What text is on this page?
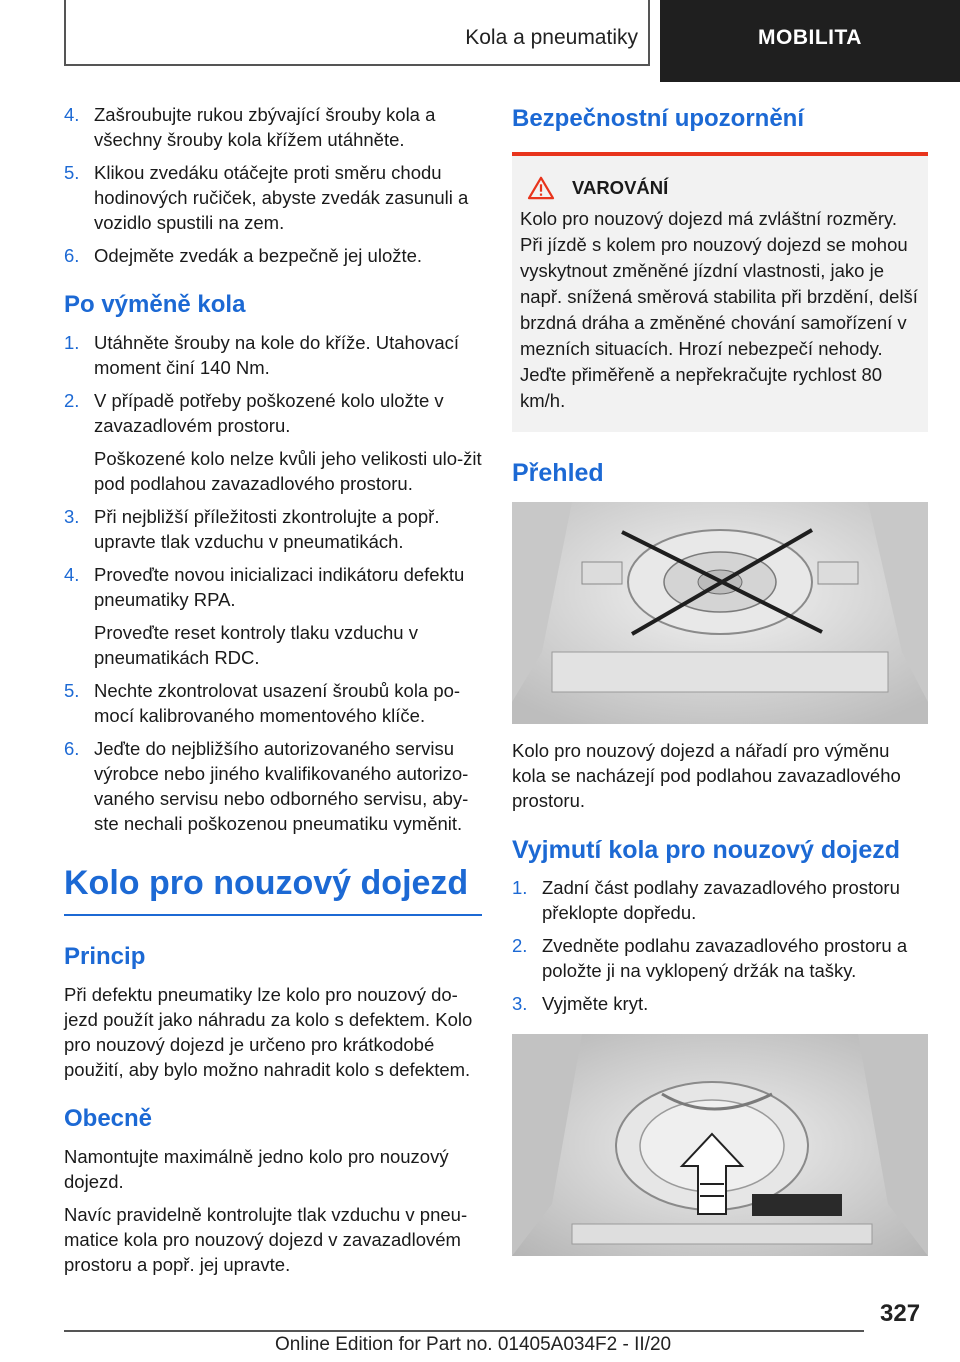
Kola a pneumatiky	MOBILITA
4. Zašroubujte rukou zbývající šrouby kola a všechny šrouby kola křížem utáhněte.
5. Klikou zvedáku otáčejte proti směru chodu hodinových ručiček, abyste zvedák zasunuli a vozidlo spustili na zem.
6. Odejměte zvedák a bezpečně jej uložte.
Po výměně kola
1. Utáhněte šrouby na kole do kříže. Utahovací moment činí 140 Nm.
2. V případě potřeby poškozené kolo uložte v zavazadlovém prostoru.
Poškozené kolo nelze kvůli jeho velikosti ulo-žit pod podlahou zavazadlového prostoru.
3. Při nejbližší příležitosti zkontrolujte a popř. upravte tlak vzduchu v pneumatikách.
4. Proveďte novou inicializaci indikátoru defektu pneumatiky RPA.
Proveďte reset kontroly tlaku vzduchu v pneumatikách RDC.
5. Nechte zkontrolovat usazení šroubů kola po-mocí kalibrovaného momentového klíče.
6. Jeďte do nejbližšího autorizovaného servisu výrobce nebo jiného kvalifikovaného autorizo-vaného servisu nebo odborného servisu, aby-ste nechali poškozenou pneumatiku vyměnit.
Kolo pro nouzový dojezd
Princip
Při defektu pneumatiky lze kolo pro nouzový do-jezd použít jako náhradu za kolo s defektem. Kolo pro nouzový dojezd je určeno pro krátkodobé použití, aby bylo možno nahradit kolo s defektem.
Obecně
Namontujte maximálně jedno kolo pro nouzový dojezd.
Navíc pravidelně kontrolujte tlak vzduchu v pneu-matice kola pro nouzový dojezd v zavazadlovém prostoru a popř. jej upravte.
Bezpečnostní upozornění
VAROVÁNÍ
Kolo pro nouzový dojezd má zvláštní rozměry. Při jízdě s kolem pro nouzový dojezd se mohou vyskytnout změněné jízdní vlastnosti, jako je např. snížená směrová stabilita při brzdění, delší brzdná dráha a změněné chování samořízení v mezních situacích. Hrozí nebezpečí nehody. Jeďte přiměřeně a nepřekračujte rychlost 80 km/h.
Přehled
Kolo pro nouzový dojezd a nářadí pro výměnu kola se nacházejí pod podlahou zavazadlového prostoru.
Vyjmutí kola pro nouzový dojezd
1. Zadní část podlahy zavazadlového prostoru překlopte dopředu.
2. Zvedněte podlahu zavazadlového prostoru a položte ji na vyklopený držák na tašky.
3. Vyjměte kryt.
327
Online Edition for Part no. 01405A034F2 - II/20
